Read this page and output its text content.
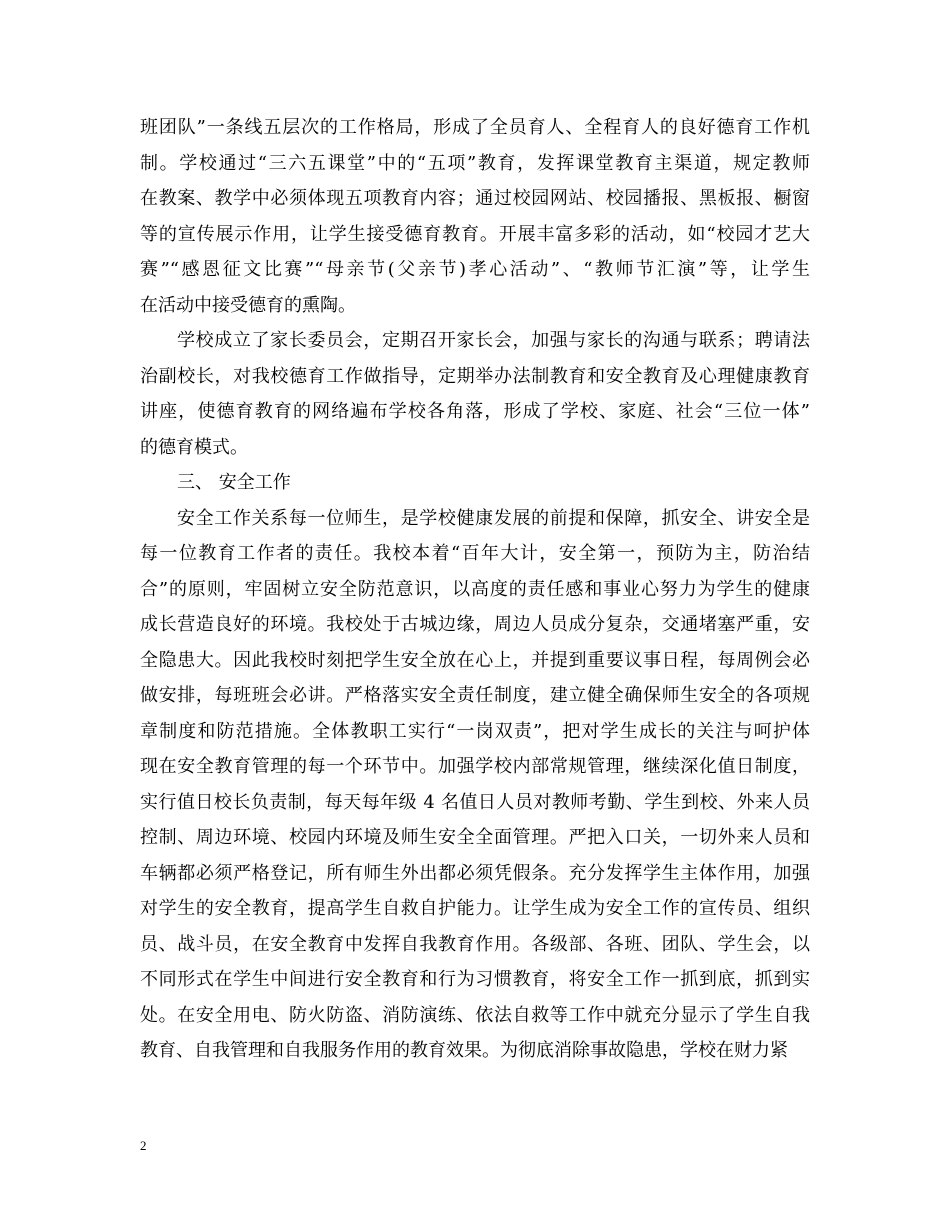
班团队”一条线五层次的工作格局，形成了全员育人、全程育人的良好德育工作机
制。学校通过“三六五课堂”中的“五项”教育，发挥课堂教育主渠道，规定教师
在教案、教学中必须体现五项教育内容；通过校园网站、校园播报、黑板报、橱窗
等的宣传展示作用，让学生接受德育教育。开展丰富多彩的活动，如“校园才艺大
赛”“感恩征文比赛”“母亲节(父亲节)孝心活动”、“教师节汇演”等，让学生
在活动中接受德育的熏陶。
学校成立了家长委员会，定期召开家长会，加强与家长的沟通与联系；聘请法
治副校长，对我校德育工作做指导，定期举办法制教育和安全教育及心理健康教育
讲座，使德育教育的网络遍布学校各角落，形成了学校、家庭、社会“三位一体”
的德育模式。
三、 安全工作
安全工作关系每一位师生，是学校健康发展的前提和保障，抓安全、讲安全是
每一位教育工作者的责任。我校本着“百年大计，安全第一，预防为主，防治结
合”的原则，牢固树立安全防范意识，以高度的责任感和事业心努力为学生的健康
成长营造良好的环境。我校处于古城边缘，周边人员成分复杂，交通堵塞严重，安
全隐患大。因此我校时刻把学生安全放在心上，并提到重要议事日程，每周例会必
做安排，每班班会必讲。严格落实安全责任制度，建立健全确保师生安全的各项规
章制度和防范措施。全体教职工实行“一岗双责”，把对学生成长的关注与呵护体
现在安全教育管理的每一个环节中。加强学校内部常规管理，继续深化值日制度，
实行值日校长负责制，每天每年级 4 名值日人员对教师考勤、学生到校、外来人员
控制、周边环境、校园内环境及师生安全全面管理。严把入口关，一切外来人员和
车辆都必须严格登记，所有师生外出都必须凭假条。充分发挥学生主体作用，加强
对学生的安全教育，提高学生自救自护能力。让学生成为安全工作的宣传员、组织
员、战斗员，在安全教育中发挥自我教育作用。各级部、各班、团队、学生会，以
不同形式在学生中间进行安全教育和行为习惯教育，将安全工作一抓到底，抓到实
处。在安全用电、防火防盗、消防演练、依法自救等工作中就充分显示了学生自我
教育、自我管理和自我服务作用的教育效果。为彻底消除事故隐患，学校在财力紧
2
